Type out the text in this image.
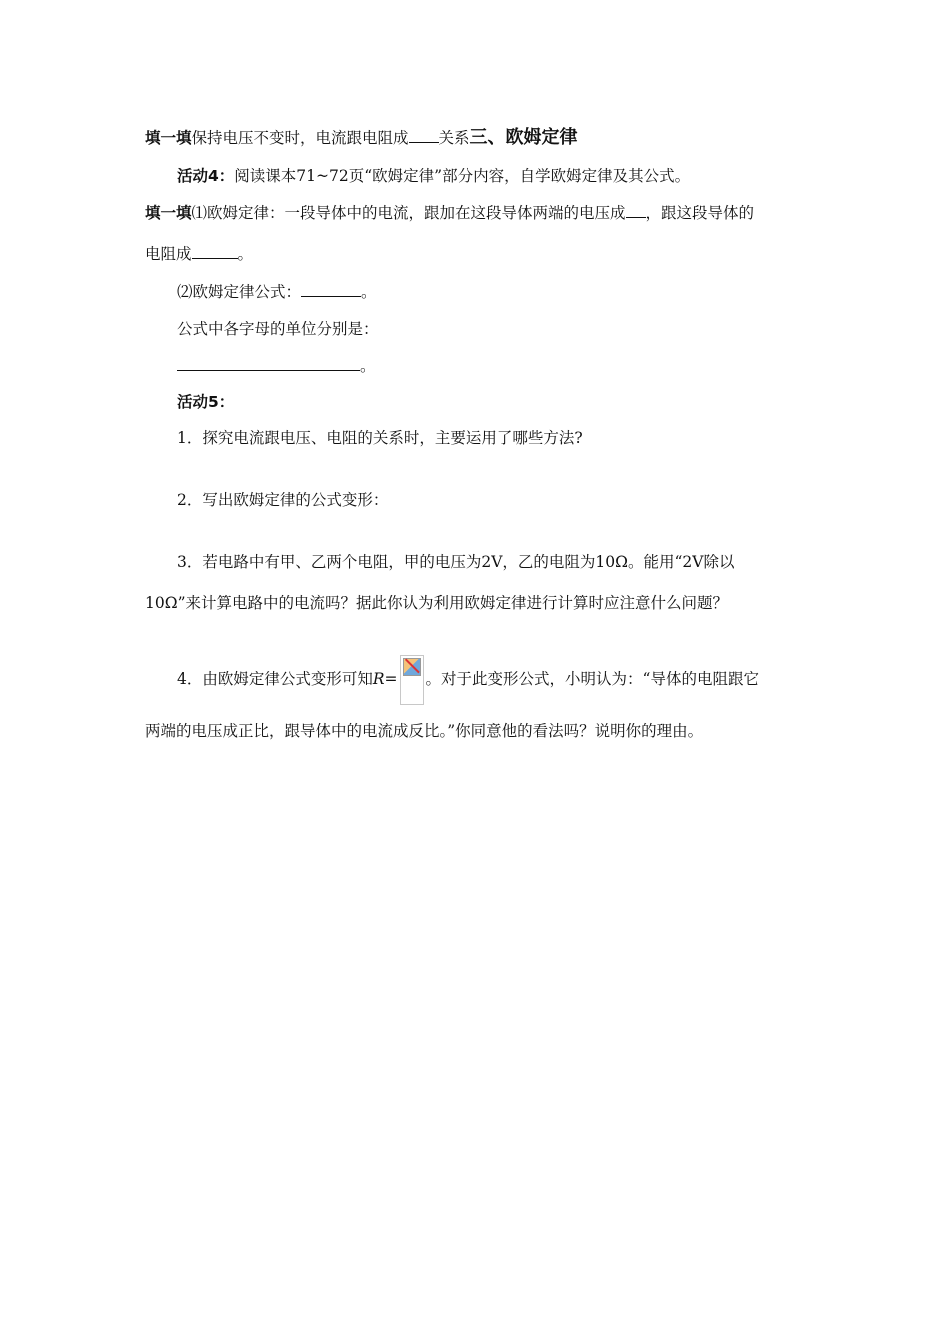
填一填保持电压不变时，电流跟电阻成 关系三、欧姆定律
活动4：阅读课本71~72页“欧姆定律”部分内容，自学欧姆定律及其公式。
填一填⑴欧姆定律：一段导体中的电流，跟加在这段导体两端的电压成 ，跟这段导体的
电阻成	。
⑵欧姆定律公式：	。
公式中各字母的单位分别是：
。
活动5：
1．探究电流跟电压、电阻的关系时，主要运用了哪些方法?
2．写出欧姆定律的公式变形：
3．若电路中有甲、乙两个电阻，甲的电压为2V，乙的电阻为10Ω。能用“2V除以
10Ω”来计算电路中的电流吗？据此你认为利用欧姆定律进行计算时应注意什么问题？
4．由欧姆定律公式变形可知R= 。对于此变形公式，小明认为：“导体的电阻跟它
两端的电压成正比，跟导体中的电流成反比。”你同意他的看法吗？说明你的理由。
